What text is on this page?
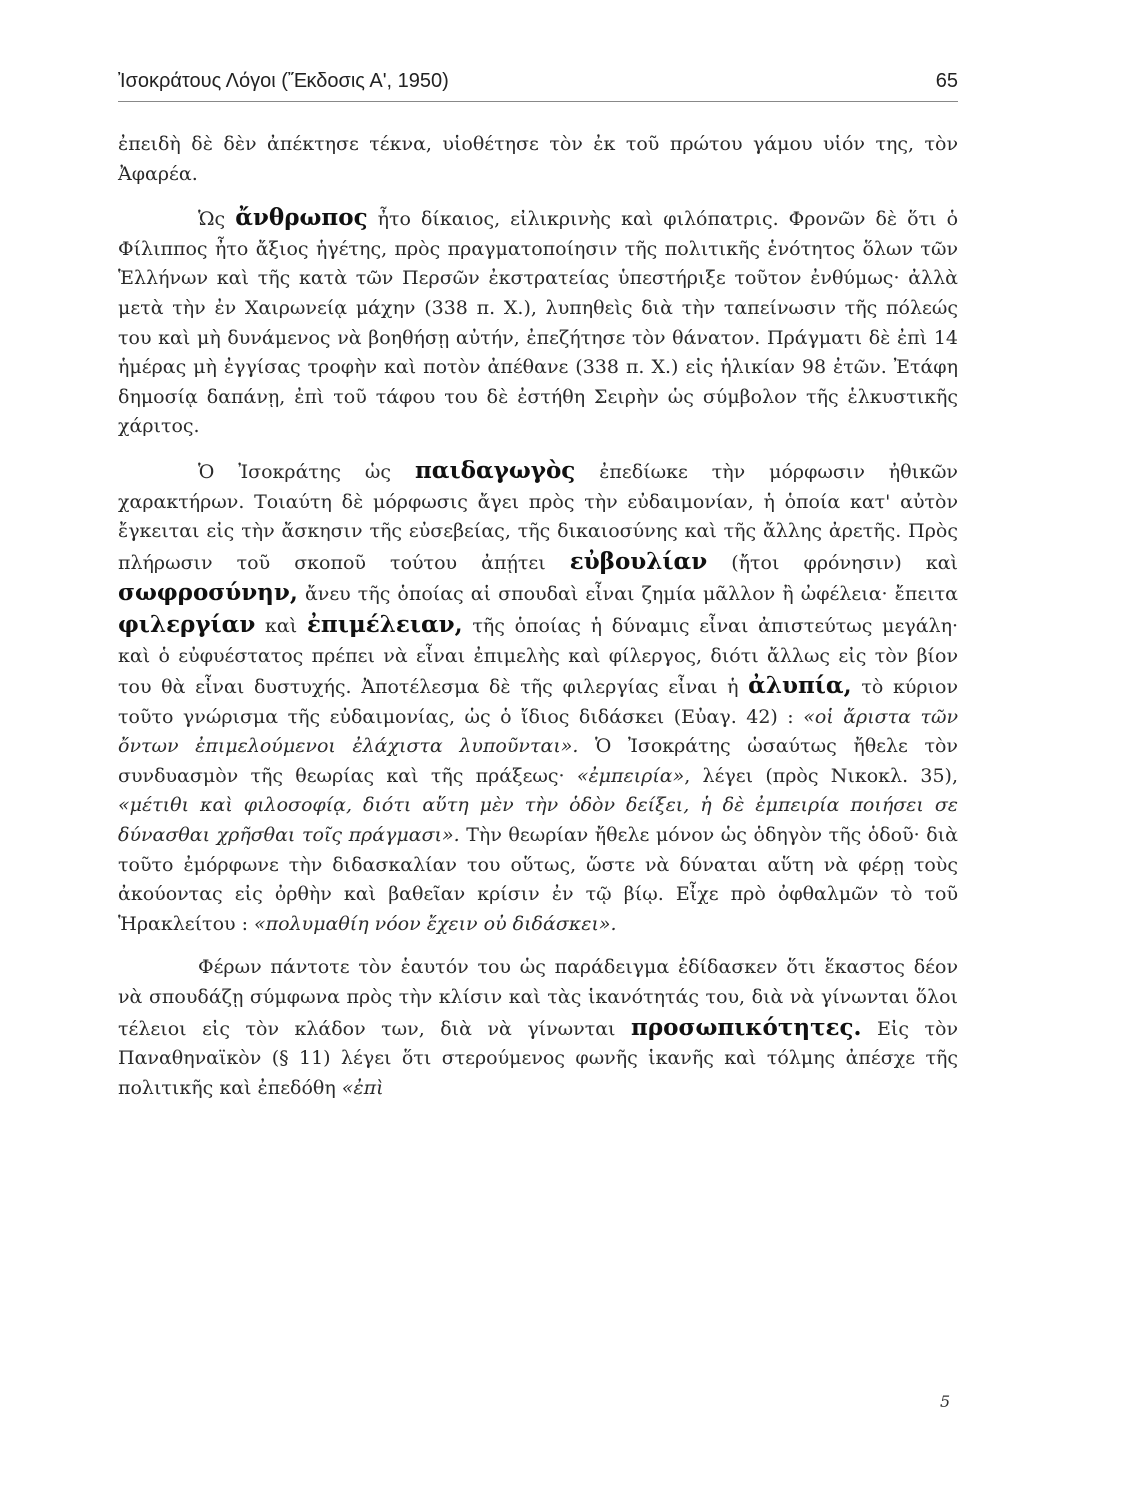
Ἰσοκράτους Λόγοι (Ἔκδοσις Α', 1950)	65

ἐπειδὴ δὲ δὲν ἀπέκτησε τέκνα, υἱοθέτησε τὸν ἐκ τοῦ πρώτου γάμου υἱόν της, τὸν Ἀφαρέα.

Ὡς ἄνθρωπος ἦτο δίκαιος, εἰλικρινὴς καὶ φιλόπατρις. Φρονῶν δὲ ὅτι ὁ Φίλιππος ἦτο ἄξιος ἡγέτης, πρὸς πραγματοποίησιν τῆς πολιτικῆς ἑνότητος ὅλων τῶν Ἑλλήνων καὶ τῆς κατὰ τῶν Περσῶν ἐκστρατείας ὑπεστήριξε τοῦτον ἐνθύμως· ἀλλὰ μετὰ τὴν ἐν Χαιρωνείᾳ μάχην (338 π. Χ.), λυπηθεὶς διὰ τὴν ταπείνωσιν τῆς πόλεώς του καὶ μὴ δυνάμενος νὰ βοηθήσῃ αὐτήν, ἐπεζήτησε τὸν θάνατον. Πράγματι δὲ ἐπὶ 14 ἡμέρας μὴ ἐγγίσας τροφὴν καὶ ποτὸν ἀπέθανε (338 π. Χ.) εἰς ἡλικίαν 98 ἐτῶν. Ἐτάφη δημοσίᾳ δαπάνῃ, ἐπὶ τοῦ τάφου του δὲ ἐστήθη Σειρὴν ὡς σύμβολον τῆς ἑλκυστικῆς χάριτος.

Ὁ Ἰσοκράτης ὡς παιδαγωγὸς ἐπεδίωκε τὴν μόρφωσιν ἠθικῶν χαρακτήρων. Τοιαύτη δὲ μόρφωσις ἄγει πρὸς τὴν εὐδαιμονίαν, ἡ ὁποία κατ' αὐτὸν ἔγκειται εἰς τὴν ἄσκησιν τῆς εὐσεβείας, τῆς δικαιοσύνης καὶ τῆς ἄλλης ἀρετῆς. Πρὸς πλήρωσιν τοῦ σκοποῦ τούτου ἀπῄτει εὐβουλίαν (ἤτοι φρόνησιν) καὶ σωφροσύνην, ἄνευ τῆς ὁποίας αἱ σπουδαὶ εἶναι ζημία μᾶλλον ἢ ὠφέλεια· ἔπειτα φιλεργίαν καὶ ἐπιμέλειαν, τῆς ὁποίας ἡ δύναμις εἶναι ἀπιστεύτως μεγάλη· καὶ ὁ εὐφυέστατος πρέπει νὰ εἶναι ἐπιμελὴς καὶ φίλεργος, διότι ἄλλως εἰς τὸν βίον του θὰ εἶναι δυστυχής. Ἀποτέλεσμα δὲ τῆς φιλεργίας εἶναι ἡ ἀλυπία, τὸ κύριον τοῦτο γνώρισμα τῆς εὐδαιμονίας, ὡς ὁ ἴδιος διδάσκει (Εὐαγ. 42) : «οἱ ἄριστα τῶν ὄντων ἐπιμελούμενοι ἐλάχιστα λυποῦνται». Ὁ Ἰσοκράτης ὡσαύτως ἤθελε τὸν συνδυασμὸν τῆς θεωρίας καὶ τῆς πράξεως· «ἐμπειρία», λέγει (πρὸς Νικοκλ. 35), «μέτιθι καὶ φιλοσοφίᾳ, διότι αὕτη μὲν τὴν ὁδὸν δείξει, ἡ δὲ ἐμπειρία ποιήσει σε δύνασθαι χρῆσθαι τοῖς πράγμασι». Τὴν θεωρίαν ἤθελε μόνον ὡς ὁδηγὸν τῆς ὁδοῦ· διὰ τοῦτο ἐμόρφωνε τὴν διδασκαλίαν του οὕτως, ὥστε νὰ δύναται αὕτη νὰ φέρῃ τοὺς ἀκούοντας εἰς ὀρθὴν καὶ βαθεῖαν κρίσιν ἐν τῷ βίῳ. Εἶχε πρὸ ὀφθαλμῶν τὸ τοῦ Ἡρακλείτου : «πολυμαθίη νόον ἔχειν οὐ διδάσκει».

Φέρων πάντοτε τὸν ἑαυτόν του ὡς παράδειγμα ἐδίδασκεν ὅτι ἕκαστος δέον νὰ σπουδάζῃ σύμφωνα πρὸς τὴν κλίσιν καὶ τὰς ἱκανότητάς του, διὰ νὰ γίνωνται ὅλοι τέλειοι εἰς τὸν κλάδον των, διὰ νὰ γίνωνται προσωπικότητες. Εἰς τὸν Παναθηναϊκὸν (§ 11) λέγει ὅτι στερούμενος φωνῆς ἱκανῆς καὶ τόλμης ἀπέσχε τῆς πολιτικῆς καὶ ἐπεδόθη «ἐπὶ

5
